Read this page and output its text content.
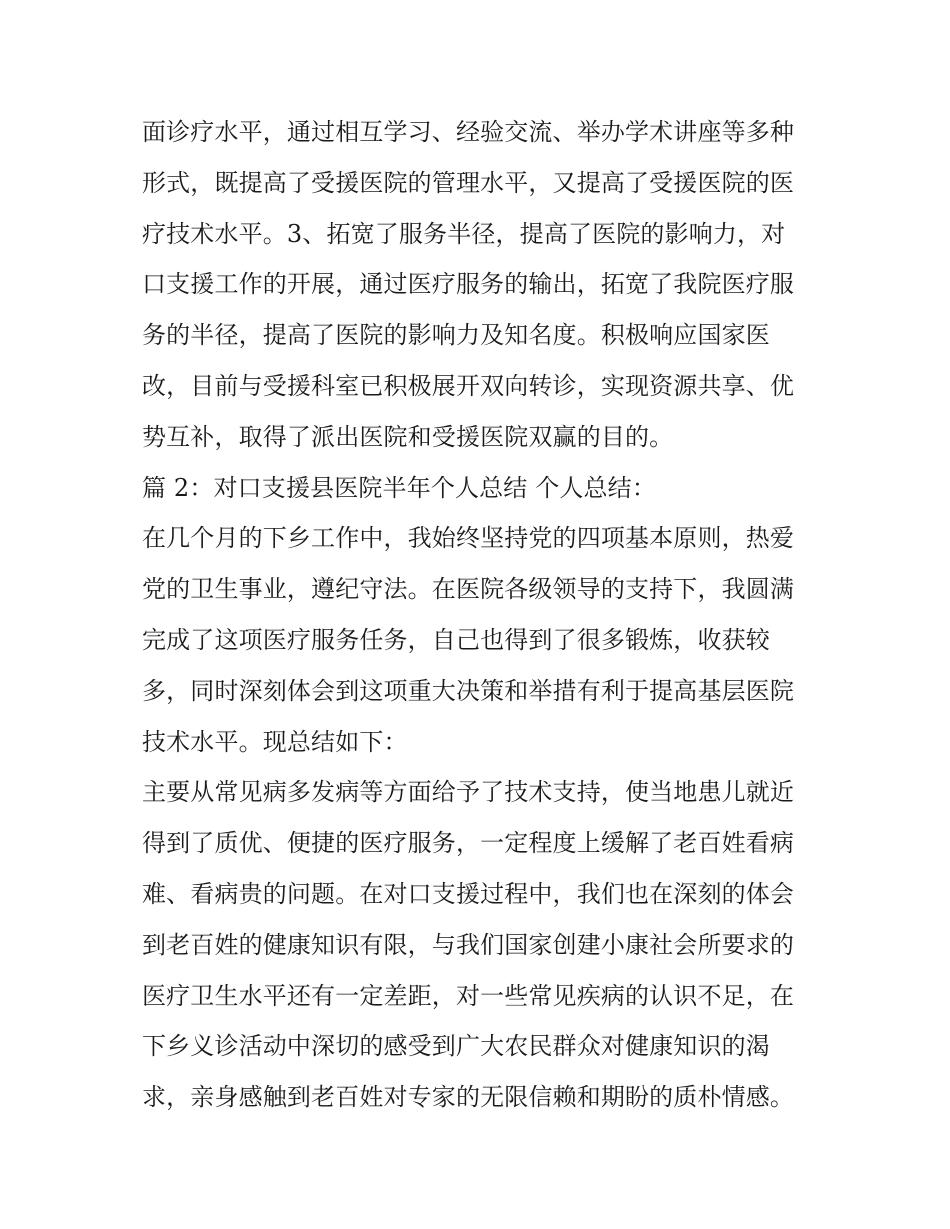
面诊疗水平，通过相互学习、经验交流、举办学术讲座等多种
形式，既提高了受援医院的管理水平，又提高了受援医院的医
疗技术水平。3、拓宽了服务半径，提高了医院的影响力，对
口支援工作的开展，通过医疗服务的输出，拓宽了我院医疗服
务的半径，提高了医院的影响力及知名度。积极响应国家医
改，目前与受援科室已积极展开双向转诊，实现资源共享、优
势互补，取得了派出医院和受援医院双赢的目的。
篇 2：对口支援县医院半年个人总结 个人总结：
在几个月的下乡工作中，我始终坚持党的四项基本原则，热爱
党的卫生事业，遵纪守法。在医院各级领导的支持下，我圆满
完成了这项医疗服务任务，自己也得到了很多锻炼，收获较
多，同时深刻体会到这项重大决策和举措有利于提高基层医院
技术水平。现总结如下：
主要从常见病多发病等方面给予了技术支持，使当地患儿就近
得到了质优、便捷的医疗服务，一定程度上缓解了老百姓看病
难、看病贵的问题。在对口支援过程中，我们也在深刻的体会
到老百姓的健康知识有限，与我们国家创建小康社会所要求的
医疗卫生水平还有一定差距，对一些常见疾病的认识不足，在
下乡义诊活动中深切的感受到广大农民群众对健康知识的渴
求，亲身感触到老百姓对专家的无限信赖和期盼的质朴情感。
